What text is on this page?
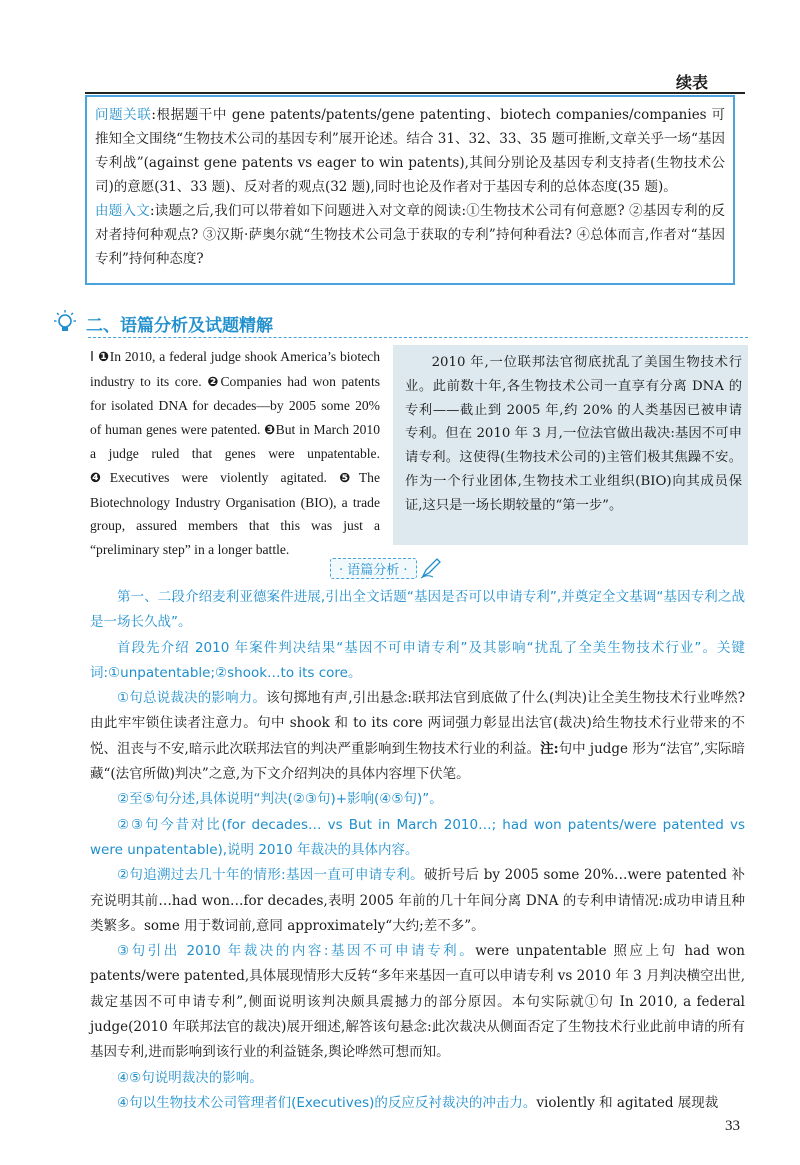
续表

问题关联:根据题干中 gene patents/patents/gene patenting、biotech companies/companies 可推知全文围绕“生物技术公司的基因专利”展开论述。结合 31、32、33、35 题可推断,文章关乎一场“基因专利战”(against gene patents vs eager to win patents),其间分别论及基因专利支持者(生物技术公司)的意愿(31、33 题)、反对者的观点(32 题),同时也论及作者对于基因专利的总体态度(35 题)。

由题入文:读题之后,我们可以带着如下问题进入对文章的阅读:①生物技术公司有何意愿? ②基因专利的反对者持何种观点? ③汉斯·萨奥尔就“生物技术公司急于获取的专利”持何种看法? ④总体而言,作者对“基因专利”持何种态度?

二、语篇分析及试题精解
Ⅰ ❶In 2010, a federal judge shook America’s biotech industry to its core. ❷Companies had won patents for isolated DNA for decades—by 2005 some 20% of human genes were patented. ❸But in March 2010 a judge ruled that genes were unpatentable. ❹Executives were violently agitated. ❺The Biotechnology Industry Organisation (BIO), a trade group, assured members that this was just a “preliminary step” in a longer battle.

2010 年,一位联邦法官彻底扰乱了美国生物技术行业。此前数十年,各生物技术公司一直享有分离 DNA 的专利——截止到 2005 年,约 20% 的人类基因已被申请专利。但在 2010 年 3 月,一位法官做出裁决:基因不可申请专利。这使得(生物技术公司的)主管们极其焦躁不安。作为一个行业团体,生物技术工业组织(BIO)向其成员保证,这只是一场长期较量的“第一步”。

· 语篇分析 ·

第一、二段介绍麦利亚德案件进展,引出全文话题“基因是否可以申请专利”,并奠定全文基调“基因专利之战是一场长久战”。

首段先介绍 2010 年案件判决结果“基因不可申请专利”及其影响“扰乱了全美生物技术行业”。关键词:①unpatentable;②shook…to its core。

①句总说裁决的影响力。该句掷地有声,引出悬念:联邦法官到底做了什么(判决)让全美生物技术行业哗然?由此牢牢锁住读者注意力。句中 shook 和 to its core 两词强力彰显出法官(裁决)给生物技术行业带来的不悦、沮丧与不安,暗示此次联邦法官的判决严重影响到生物技术行业的利益。注:句中 judge 形为“法官”,实际暗藏“(法官所做)判决”之意,为下文介绍判决的具体内容埋下伏笔。

②至⑤句分述,具体说明“判决(②③句)+影响(④⑤句)”。

②③句今昔对比(for decades… vs But in March 2010…; had won patents/were patented vs were unpatentable),说明 2010 年裁决的具体内容。

②句追溯过去几十年的情形:基因一直可申请专利。破折号后 by 2005 some 20%…were patented 补充说明其前…had won…for decades,表明 2005 年前的几十年间分离 DNA 的专利申请情况:成功申请且种类繁多。some 用于数词前,意同 approximately“大约;差不多”。

③句引出 2010 年裁决的内容:基因不可申请专利。were unpatentable 照应上句 had won patents/were patented,具体展现情形大反转“多年来基因一直可以申请专利 vs 2010 年 3 月判决横空出世,裁定基因不可申请专利”,侧面说明该判决颇具震撼力的部分原因。本句实际就①句 In 2010, a federal judge(2010 年联邦法官的裁决)展开细述,解答该句悬念:此次裁决从侧面否定了生物技术行业此前申请的所有基因专利,进而影响到该行业的利益链条,舆论哗然可想而知。

④⑤句说明裁决的影响。

④句以生物技术公司管理者们(Executives)的反应反衬裁决的冲击力。violently 和 agitated 展现裁

33
